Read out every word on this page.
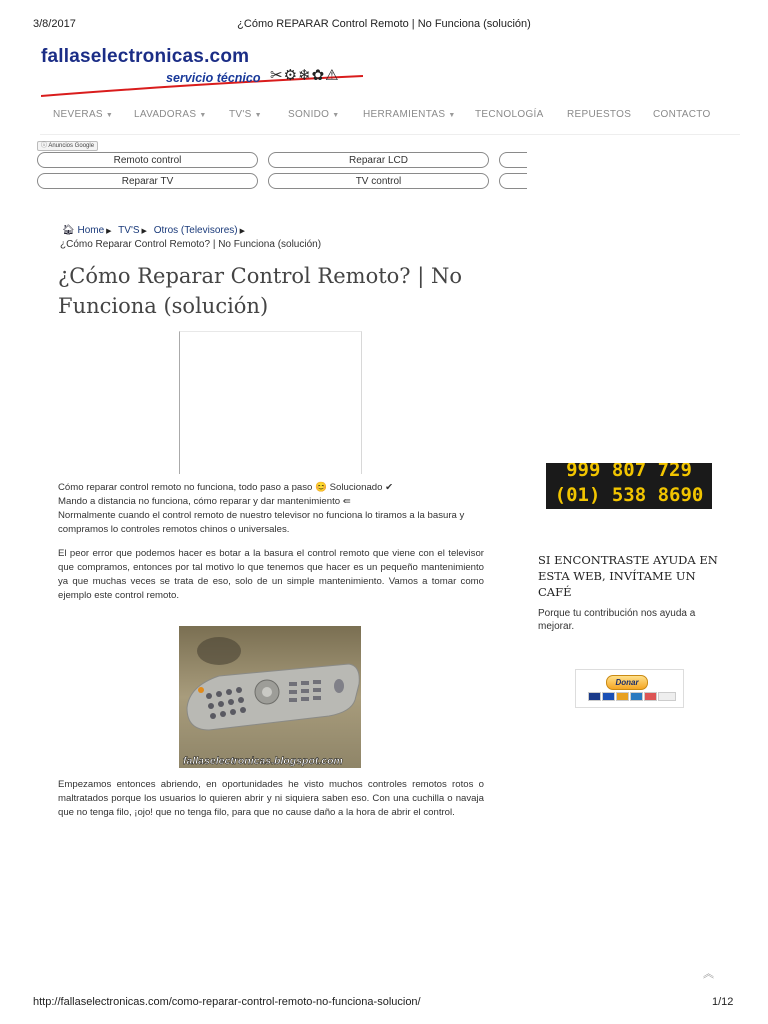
3/8/2017	¿Cómo REPARAR Control Remoto | No Funciona (solución)
fallaselectronicas.com
servicio técnico ✂⚙❄✿⚠
NEVERAS ▼ LAVADORAS ▼ TV'S ▼	SONIDO ▼ HERRAMIENTAS ▼ TECNOLOGÍA REPUESTOS CONTACTO
ⓘ Anuncios Google
Remoto control	Reparar LCD
Reparar TV	TV control
🏠︎ Home ▶ TV'S ▶ Otros (Televisores) ▶
¿Cómo Reparar Control Remoto? | No Funciona (solución)
¿Cómo Reparar Control Remoto? | No Funciona (solución)
Cómo reparar control remoto no funciona, todo paso a paso 😊 Solucionado ✔
Mando a distancia no funciona, cómo reparar y dar mantenimiento ⇚
Normalmente cuando el control remoto de nuestro televisor no funciona lo tiramos a la basura y compramos lo controles remotos chinos o universales.

El peor error que podemos hacer es botar a la basura el control remoto que viene con el televisor que compramos, entonces por tal motivo lo que tenemos que hacer es un pequeño mantenimiento ya que muchas veces se trata de eso, solo de un simple mantenimiento. Vamos a tomar como ejemplo este control remoto.

fallaselectronicas.blogspot.com

Empezamos entonces abriendo, en oportunidades he visto muchos controles remotos rotos o maltratados porque los usuarios lo quieren abrir y ni siquiera saben eso. Con una cuchilla o navaja que no tenga filo, ¡ojo! que no tenga filo, para que no cause daño a la hora de abrir el control.

999 807 729
(01) 538 8690
SI ENCONTRASTE AYUDA EN ESTA WEB, INVÍTAME UN CAFÉ
Porque tu contribución nos ayuda a mejorar.
Donar
︽
http://fallaselectronicas.com/como-reparar-control-remoto-no-funciona-solucion/	1/12
